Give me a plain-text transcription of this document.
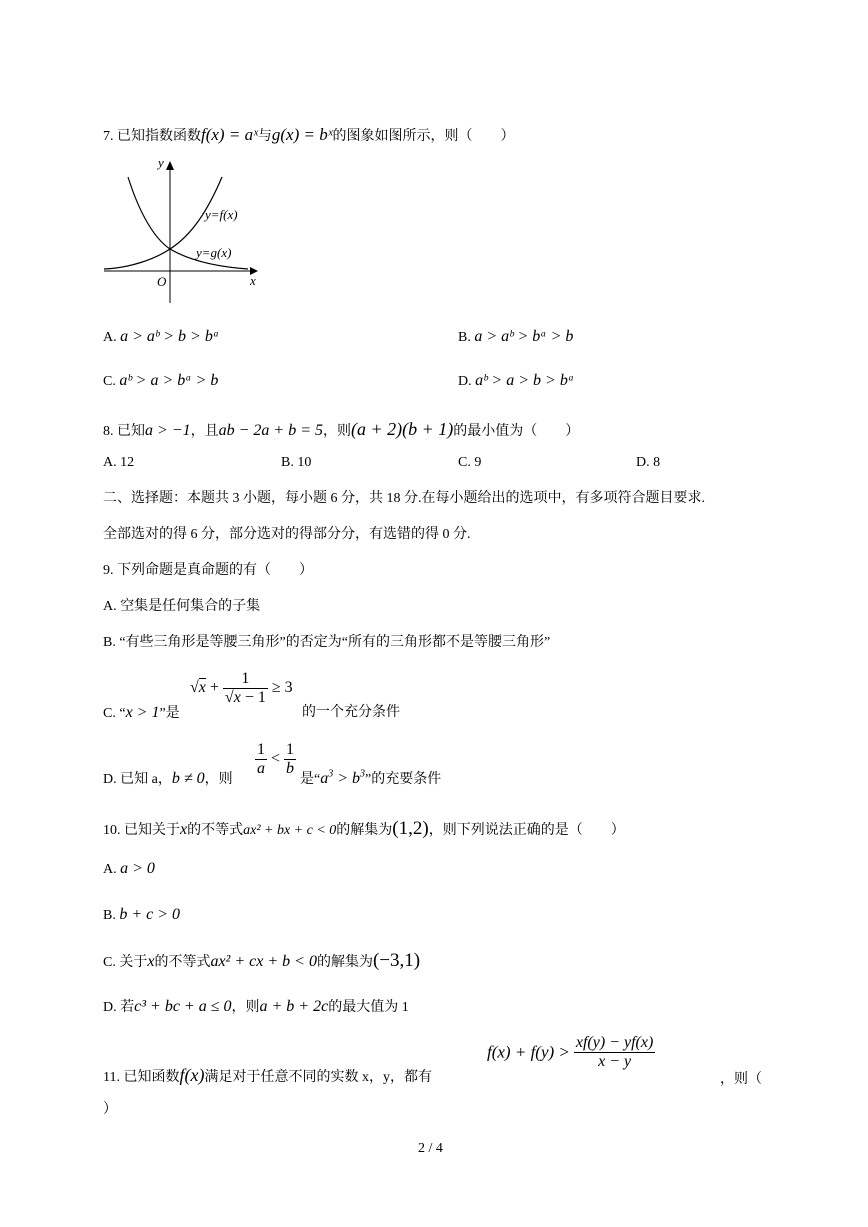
7. 已知指数函数f(x) = aˣ与g(x) = bˣ的图象如图所示，则（　　）
y
x
O
y=f(x)
y=g(x)
A. a > aᵇ > b > bᵃ	B. a > aᵇ > bᵃ > b
C. aᵇ > a > bᵃ > b	D. aᵇ > a > b > bᵃ
8. 已知a > −1，且ab − 2a + b = 5，则(a + 2)(b + 1)的最小值为（　　）
A. 12	B. 10	C. 9	D. 8
二、选择题：本题共 3 小题，每小题 6 分，共 18 分.在每小题给出的选项中，有多项符合题目要求.
全部选对的得 6 分，部分选对的得部分分，有选错的得 0 分.
9. 下列命题是真命题的有（　　）
A. 空集是任何集合的子集
B. “有些三角形是等腰三角形”的否定为“所有的三角形都不是等腰三角形”
C. “x > 1”是
$√x + \frac{1}{√x - 1} \ge 3$
的一个充分条件
D. 已知 a，b ≠ 0，则
$\frac{1}{a} < \frac{1}{b}$
是“$a^3 > b^3$”的充要条件
10. 已知关于x的不等式ax² + bx + c < 0的解集为(1,2)，则下列说法正确的是（　　）
A. a > 0
B. b + c > 0
C. 关于x的不等式ax² + cx + b < 0的解集为(−3,1)
D. 若c³ + bc + a ≤ 0，则a + b + 2c的最大值为 1
11. 已知函数f(x)满足对于任意不同的实数 x，y，都有
$f(x) + f(y) > \frac{xf(y) - yf(x)}{x - y}$
，则（
）
2 / 4
